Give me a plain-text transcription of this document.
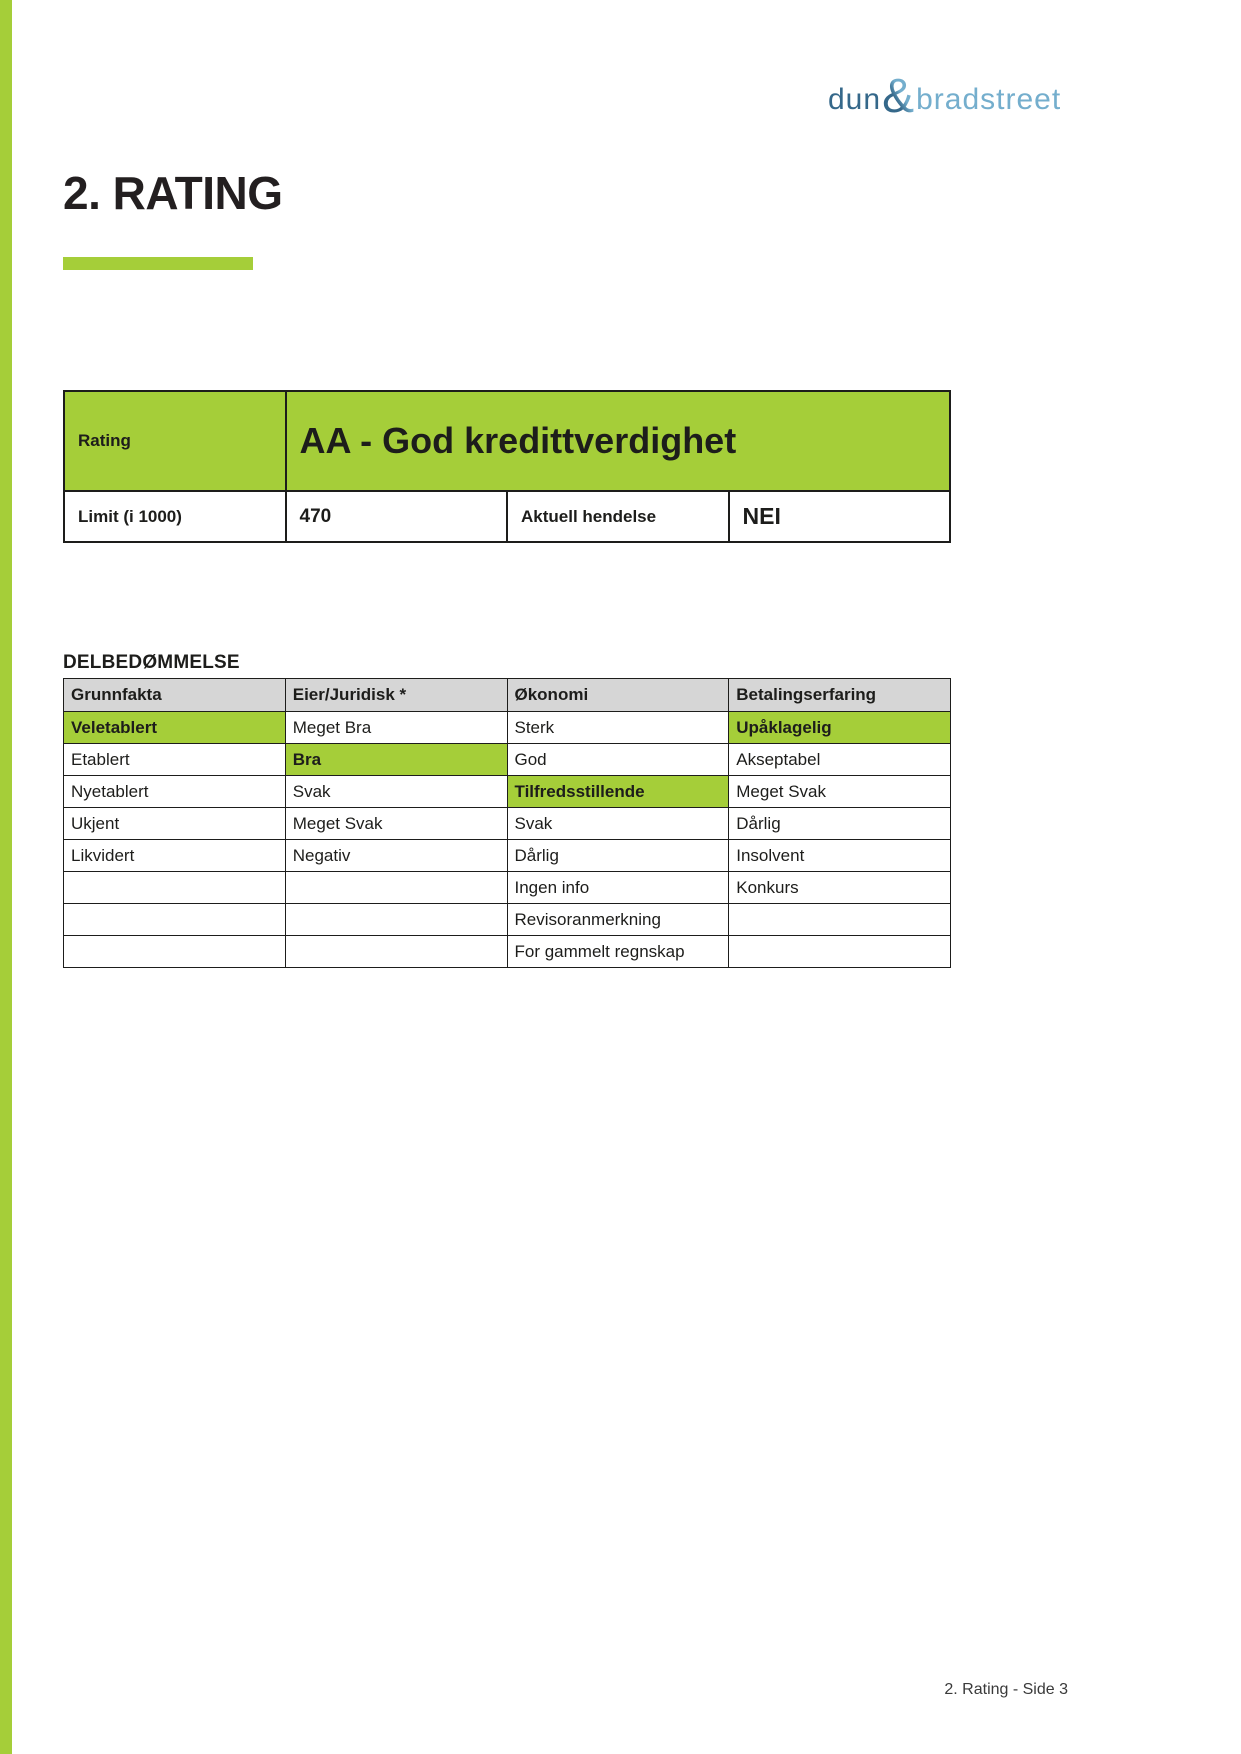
dun & bradstreet
2. RATING
Rating	AA - God kredittverdighet		
Limit (i 1000)	470	Aktuell hendelse	NEI
DELBEDØMMELSE
Grunnfakta	Eier/Juridisk *	Økonomi	Betalingserfaring
Veletablert	Meget Bra	Sterk	Upåklagelig
Etablert	Bra	God	Akseptabel
Nyetablert	Svak	Tilfredsstillende	Meget Svak
Ukjent	Meget Svak	Svak	Dårlig
Likvidert	Negativ	Dårlig	Insolvent
		Ingen info	Konkurs
		Revisoranmerkning	
		For gammelt regnskap	
2. Rating - Side 3
